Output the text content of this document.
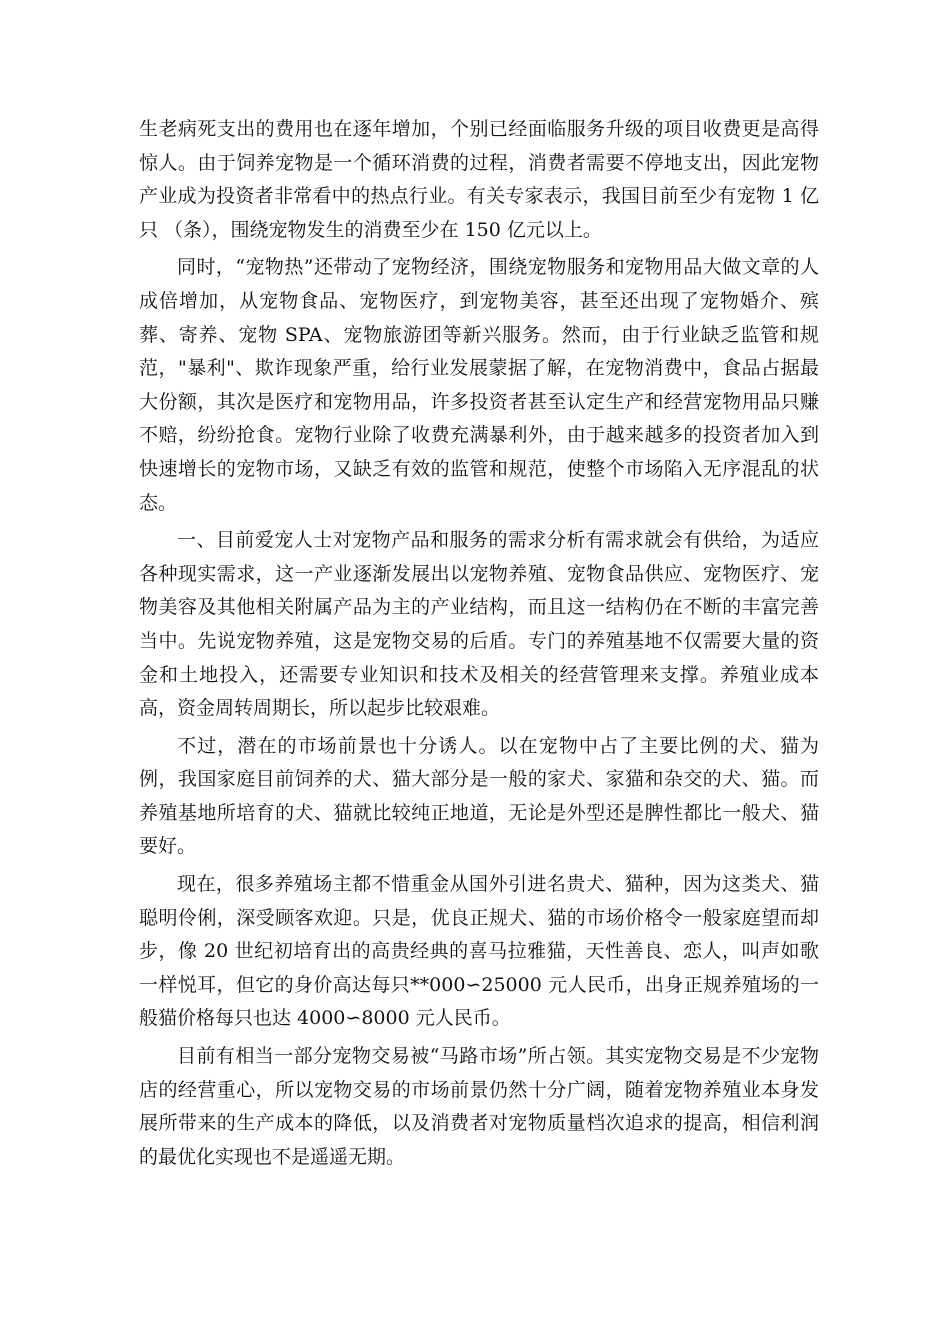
生老病死支出的费用也在逐年增加，个别已经面临服务升级的项目收费更是高得惊人。由于饲养宠物是一个循环消费的过程，消费者需要不停地支出，因此宠物产业成为投资者非常看中的热点行业。有关专家表示，我国目前至少有宠物 1 亿只 （条），围绕宠物发生的消费至少在 150 亿元以上。

同时，“宠物热”还带动了宠物经济，围绕宠物服务和宠物用品大做文章的人成倍增加，从宠物食品、宠物医疗，到宠物美容，甚至还出现了宠物婚介、殡葬、寄养、宠物 SPA、宠物旅游团等新兴服务。然而，由于行业缺乏监管和规范，"暴利"、欺诈现象严重，给行业发展蒙据了解，在宠物消费中，食品占据最大份额，其次是医疗和宠物用品，许多投资者甚至认定生产和经营宠物用品只赚不赔，纷纷抢食。宠物行业除了收费充满暴利外，由于越来越多的投资者加入到快速增长的宠物市场，又缺乏有效的监管和规范，使整个市场陷入无序混乱的状态。

一、目前爱宠人士对宠物产品和服务的需求分析有需求就会有供给，为适应各种现实需求，这一产业逐渐发展出以宠物养殖、宠物食品供应、宠物医疗、宠物美容及其他相关附属产品为主的产业结构，而且这一结构仍在不断的丰富完善当中。先说宠物养殖，这是宠物交易的后盾。专门的养殖基地不仅需要大量的资金和土地投入，还需要专业知识和技术及相关的经营管理来支撑。养殖业成本高，资金周转周期长，所以起步比较艰难。

不过，潜在的市场前景也十分诱人。以在宠物中占了主要比例的犬、猫为例，我国家庭目前饲养的犬、猫大部分是一般的家犬、家猫和杂交的犬、猫。而养殖基地所培育的犬、猫就比较纯正地道，无论是外型还是脾性都比一般犬、猫要好。

现在，很多养殖场主都不惜重金从国外引进名贵犬、猫种，因为这类犬、猫聪明伶俐，深受顾客欢迎。只是，优良正规犬、猫的市场价格令一般家庭望而却步，像 20 世纪初培育出的高贵经典的喜马拉雅猫，天性善良、恋人，叫声如歌一样悦耳，但它的身价高达每只**000∽25000 元人民币，出身正规养殖场的一般猫价格每只也达 4000∽8000 元人民币。

目前有相当一部分宠物交易被“马路市场”所占领。其实宠物交易是不少宠物店的经营重心，所以宠物交易的市场前景仍然十分广阔，随着宠物养殖业本身发展所带来的生产成本的降低，以及消费者对宠物质量档次追求的提高，相信利润的最优化实现也不是遥遥无期。
